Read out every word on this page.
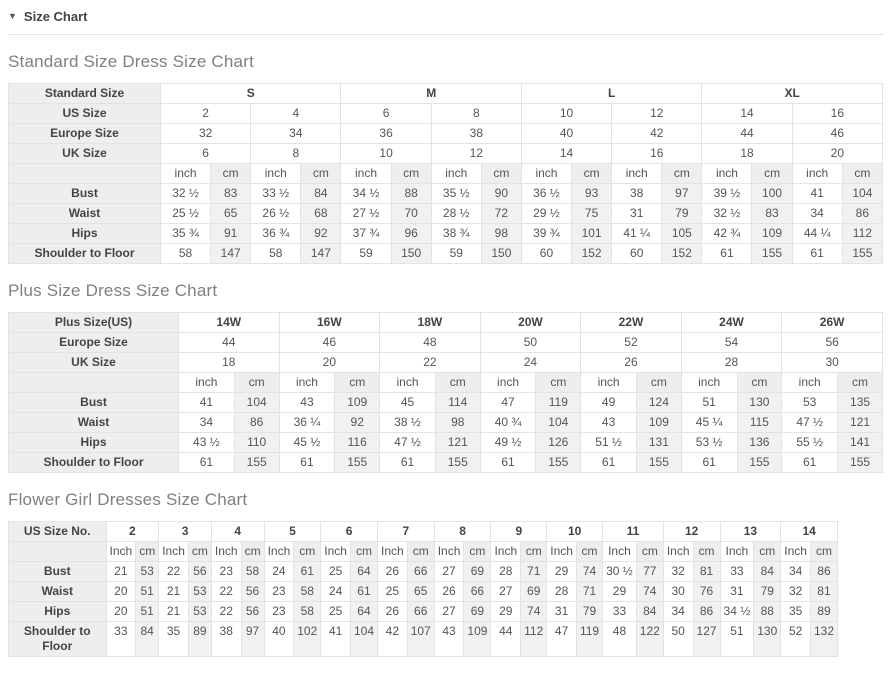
▼ Size Chart
Standard Size Dress Size Chart
Standard Size	S				M				L				XL			
US Size	2		4		6		8		10		12		14		16	
Europe Size	32		34		36		38		40		42		44		46	
UK Size	6		8		10		12		14		16		18		20	
	inch	cm	inch	cm	inch	cm	inch	cm	inch	cm	inch	cm	inch	cm	inch	cm
Bust	32 ½	83	33 ½	84	34 ½	88	35 ½	90	36 ½	93	38	97	39 ½	100	41	104
Waist	25 ½	65	26 ½	68	27 ½	70	28 ½	72	29 ½	75	31	79	32 ½	83	34	86
Hips	35 ¾	91	36 ¾	92	37 ¾	96	38 ¾	98	39 ¾	101	41 ¼	105	42 ¾	109	44 ¼	112
Shoulder to Floor	58	147	58	147	59	150	59	150	60	152	60	152	61	155	61	155
Plus Size Dress Size Chart
Plus Size(US)	14W		16W		18W		20W		22W		24W		26W	
Europe Size	44		46		48		50		52		54		56	
UK Size	18		20		22		24		26		28		30	
	inch	cm	inch	cm	inch	cm	inch	cm	inch	cm	inch	cm	inch	cm
Bust	41	104	43	109	45	114	47	119	49	124	51	130	53	135
Waist	34	86	36 ¼	92	38 ½	98	40 ¾	104	43	109	45 ¼	115	47 ½	121
Hips	43 ½	110	45 ½	116	47 ½	121	49 ½	126	51 ½	131	53 ½	136	55 ½	141
Shoulder to Floor	61	155	61	155	61	155	61	155	61	155	61	155	61	155
Flower Girl Dresses Size Chart
US Size No.	2		3		4		5		6		7		8		9		10		11		12		13		14	
	Inch	cm	Inch	cm	Inch	cm	Inch	cm	Inch	cm	Inch	cm	Inch	cm	Inch	cm	Inch	cm	Inch	cm	Inch	cm	Inch	cm	Inch	cm
Bust	21	53	22	56	23	58	24	61	25	64	26	66	27	69	28	71	29	74	30 ½	77	32	81	33	84	34	86
Waist	20	51	21	53	22	56	23	58	24	61	25	65	26	66	27	69	28	71	29	74	30	76	31	79	32	81
Hips	20	51	21	53	22	56	23	58	25	64	26	66	27	69	29	74	31	79	33	84	34	86	34 ½	88	35	89
Shoulder to Floor	33	84	35	89	38	97	40	102	41	104	42	107	43	109	44	112	47	119	48	122	50	127	51	130	52	132
